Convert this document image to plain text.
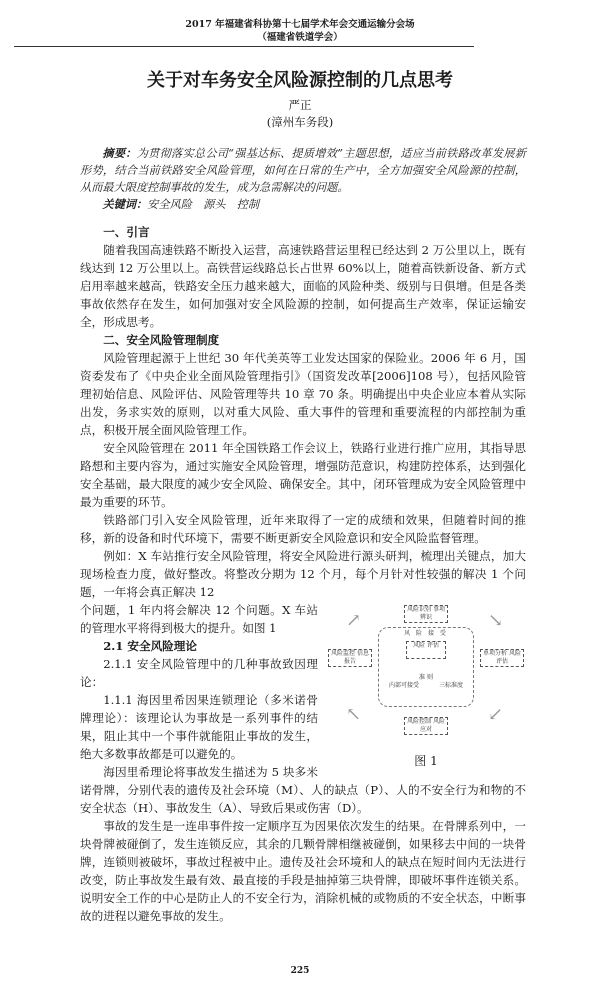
2017 年福建省科协第十七届学术年会交通运输分会场
（福建省铁道学会）
关于对车务安全风险源控制的几点思考
严正
(漳州车务段)

摘要：为贯彻落实总公司“强基达标、提质增效”主题思想，适应当前铁路改革发展新形势，结合当前铁路安全风险管理，如何在日常的生产中，全方加强安全风险源的控制，从而最大限度控制事故的发生，成为急需解决的问题。

关键词：安全风险　源头　控制

一、引言

随着我国高速铁路不断投入运营，高速铁路营运里程已经达到 2 万公里以上，既有线达到 12 万公里以上。高铁营运线路总长占世界 60%以上，随着高铁新设备、新方式启用率越来越高，铁路安全压力越来越大，面临的风险种类、级别与日俱增。但是各类事故依然存在发生，如何加强对安全风险源的控制，如何提高生产效率，保证运输安全，形成思考。

二、安全风险管理制度

风险管理起源于上世纪 30 年代美英等工业发达国家的保险业。2006 年 6 月，国资委发布了《中央企业全面风险管理指引》（国资发改革[2006]108 号），包括风险管理初始信息、风险评估、风险管理等共 10 章 70 条。明确提出中央企业应本着从实际出发，务求实效的原则，以对重大风险、重大事件的管理和重要流程的内部控制为重点，积极开展全面风险管理工作。

安全风险管理在 2011 年全国铁路工作会议上，铁路行业进行推广应用，其指导思路想和主要内容为，通过实施安全风险管理，增强防范意识，构建防控体系，达到强化安全基础，最大限度的减少安全风险、确保安全。其中，闭环管理成为安全风险管理中最为重要的环节。

铁路部门引入安全风险管理，近年来取得了一定的成绩和效果，但随着时间的推移，新的设备和时代环境下，需要不断更新安全风险意识和安全风险监督管理。

例如：X 车站推行安全风险管理，将安全风险进行源头研判，梳理出关键点，加大现场检查力度，做好整改。将整改分期为 12 个月，每个月针对性较强的解决 1 个问题，一年将会真正解决 12

风 险 接 受
准 则
内部可接受	三标准度
风险识别 事项辨识
风险 评估
风险监控 信息报告
单项分析 风险评估
风险控制 风险应对
↗	↘
↙
↖
图 1

个问题，1 年内将会解决 12 个问题。X 车站的管理水平将得到极大的提升。如图 1

2.1 安全风险理论

2.1.1 安全风险管理中的几种事故致因理论：

1.1.1 海因里希因果连锁理论（多米诺骨牌理论）：该理论认为事故是一系列事件的结果，阻止其中一个事件就能阻止事故的发生，绝大多数事故都是可以避免的。

海因里希理论将事故发生描述为 5 块多米诺骨牌，分别代表的遗传及社会环境（M）、人的缺点（P）、人的不安全行为和物的不安全状态（H）、事故发生（A）、导致后果或伤害（D）。

事故的发生是一连串事件按一定顺序互为因果依次发生的结果。在骨牌系列中，一块骨牌被碰倒了，发生连锁反应，其余的几颗骨牌相继被碰倒，如果移去中间的一块骨牌，连锁则被破坏，事故过程被中止。遗传及社会环境和人的缺点在短时间内无法进行改变，防止事故发生最有效、最直接的手段是抽掉第三块骨牌，即破坏事件连锁关系。说明安全工作的中心是防止人的不安全行为，消除机械的或物质的不安全状态，中断事故的进程以避免事故的发生。

225
